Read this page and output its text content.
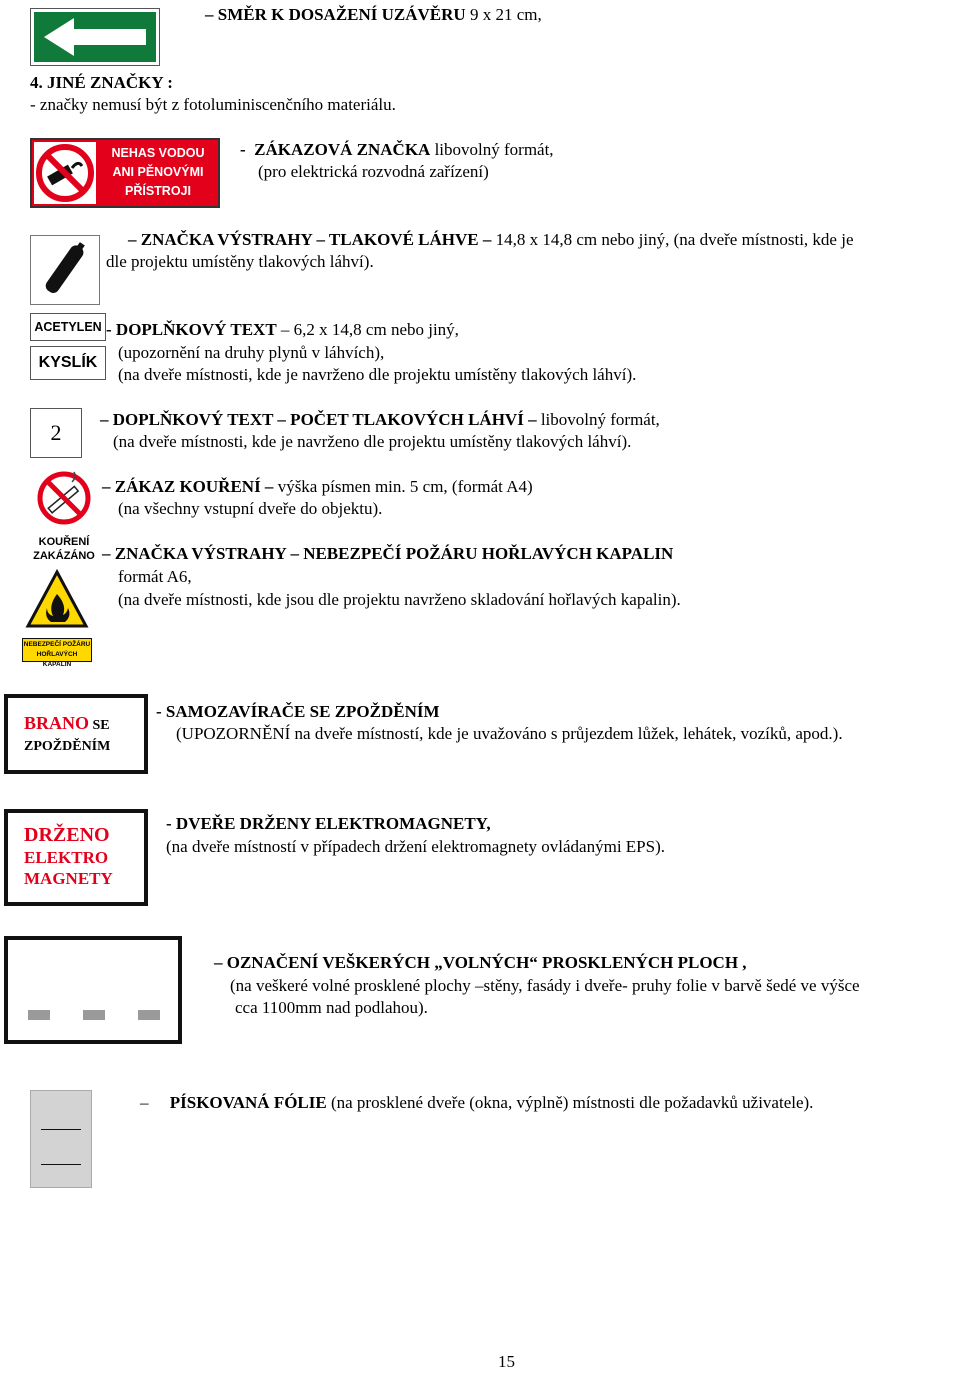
– SMĚR K DOSAŽENÍ UZÁVĚRU 9 x 21 cm,
4. JINÉ ZNAČKY :
- značky nemusí být z fotoluminiscenčního materiálu.
NEHAS VODOU
ANI PĚNOVÝMI
PŘÍSTROJI
- ZÁKAZOVÁ ZNAČKA libovolný formát,
(pro elektrická rozvodná zařízení)
– ZNAČKA VÝSTRAHY – TLAKOVÉ LÁHVE – 14,8 x 14,8 cm nebo jiný, (na dveře místnosti, kde je
dle projektu umístěny tlakových láhví).
ACETYLEN
KYSLÍK
- DOPLŇKOVÝ TEXT – 6,2 x 14,8 cm nebo jiný,
(upozornění na druhy plynů v láhvích),
(na dveře místnosti, kde je navrženo dle projektu umístěny tlakových láhví).
2
– DOPLŇKOVÝ TEXT – POČET TLAKOVÝCH LÁHVÍ – libovolný formát,
(na dveře místnosti, kde je navrženo dle projektu umístěny tlakových láhví).
KOUŘENÍ
ZAKÁZÁNO
– ZÁKAZ KOUŘENÍ – výška písmen min. 5 cm, (formát A4)
(na všechny vstupní dveře do objektu).
NEBEZPEČÍ POŽÁRU
HOŘLAVÝCH KAPALIN
– ZNAČKA VÝSTRAHY – NEBEZPEČÍ POŽÁRU HOŘLAVÝCH KAPALIN
formát A6,
(na dveře místnosti, kde jsou dle projektu navrženo skladování hořlavých kapalin).
BRANO SE
ZPOŽDĚNÍM
- SAMOZAVÍRAČE SE ZPOŽDĚNÍM
(UPOZORNĚNÍ na dveře místností, kde je uvažováno s průjezdem lůžek, lehátek, vozíků, apod.).
DRŽENO
ELEKTRO
MAGNETY
- DVEŘE DRŽENY ELEKTROMAGNETY,
(na dveře místností v případech držení elektromagnety ovládanými EPS).
– OZNAČENÍ VEŠKERÝCH „VOLNÝCH“ PROSKLENÝCH PLOCH ,
(na veškeré volné prosklené plochy –stěny, fasády i dveře- pruhy folie v barvě šedé ve výšce
cca 1100mm nad podlahou).
– PÍSKOVANÁ FÓLIE (na prosklené dveře (okna, výplně) místnosti dle požadavků uživatele).
15
